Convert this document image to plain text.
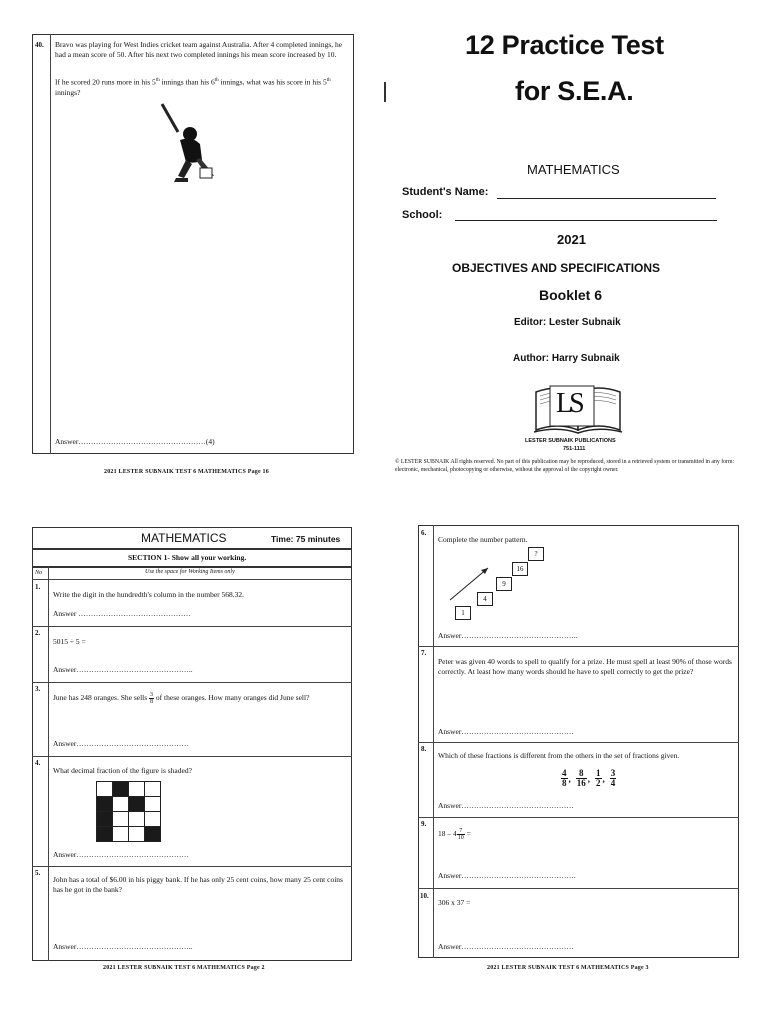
40. Bravo was playing for West Indies cricket team against Australia. After 4 completed innings, he had a mean score of 50. After his next two completed innings his mean score increased by 10.
If he scored 20 runs more in his 5th innings than his 6th innings, what was his score in his 5th innings?
Answer……………………………………………(4)
2021 LESTER SUBNAIK TEST 6 MATHEMATICS Page 16
12 Practice Test
for S.E.A.
MATHEMATICS
Student's Name:
School:
2021
OBJECTIVES AND SPECIFICATIONS
Booklet 6
Editor: Lester Subnaik
Author: Harry Subnaik
LS
LESTER SUBNAIK PUBLICATIONS
751-1111
© LESTER SUBNAIK All rights reserved. No part of this publication may be reproduced, stored in a retrieved system or transmitted in any form: electronic, mechanical, photocopying or otherwise, without the approval of the copyright owner.
MATHEMATICS	Time: 75 minutes
SECTION 1- Show all your working.
No	Use the space for Working Items only
1.
Write the digit in the hundredth's column in the number 568.32.
Answer ………………………………………
2.
5015 ÷ 5 =
Answer………………………………………..
3.
June has 248 oranges. She sells $\frac{3}{8}$ of these oranges. How many oranges did June sell?
Answer………………………………………
4.
What decimal fraction of the figure is shaded?
Answer………………………………………
5.
John has a total of $6.00 in his piggy bank. If he has only 25 cent coins, how many 25 cent coins has he got in the bank?
Answer………………………………………..
2021 LESTER SUBNAIK TEST 6 MATHEMATICS Page 2
6.
Complete the number pattern.
1
4
9
16
?
Answer………………………………………..
7.
Peter was given 40 words to spell to qualify for a prize. He must spell at least 90% of those words correctly. At least how many words should he have to spell correctly to get the prize?
Answer………………………………………
8.
Which of these fractions is different from the others in the set of fractions given.
$\frac{4}{8}$ , $\frac{8}{16}$ , $\frac{1}{2}$ , $\frac{3}{4}$
Answer………………………………………
9.
$18 - 4 \frac{7}{10}$ =
Answer……………………………………….
10.
306 x 37 =
Answer………………………………………
2021 LESTER SUBNAIK TEST 6 MATHEMATICS Page 3
